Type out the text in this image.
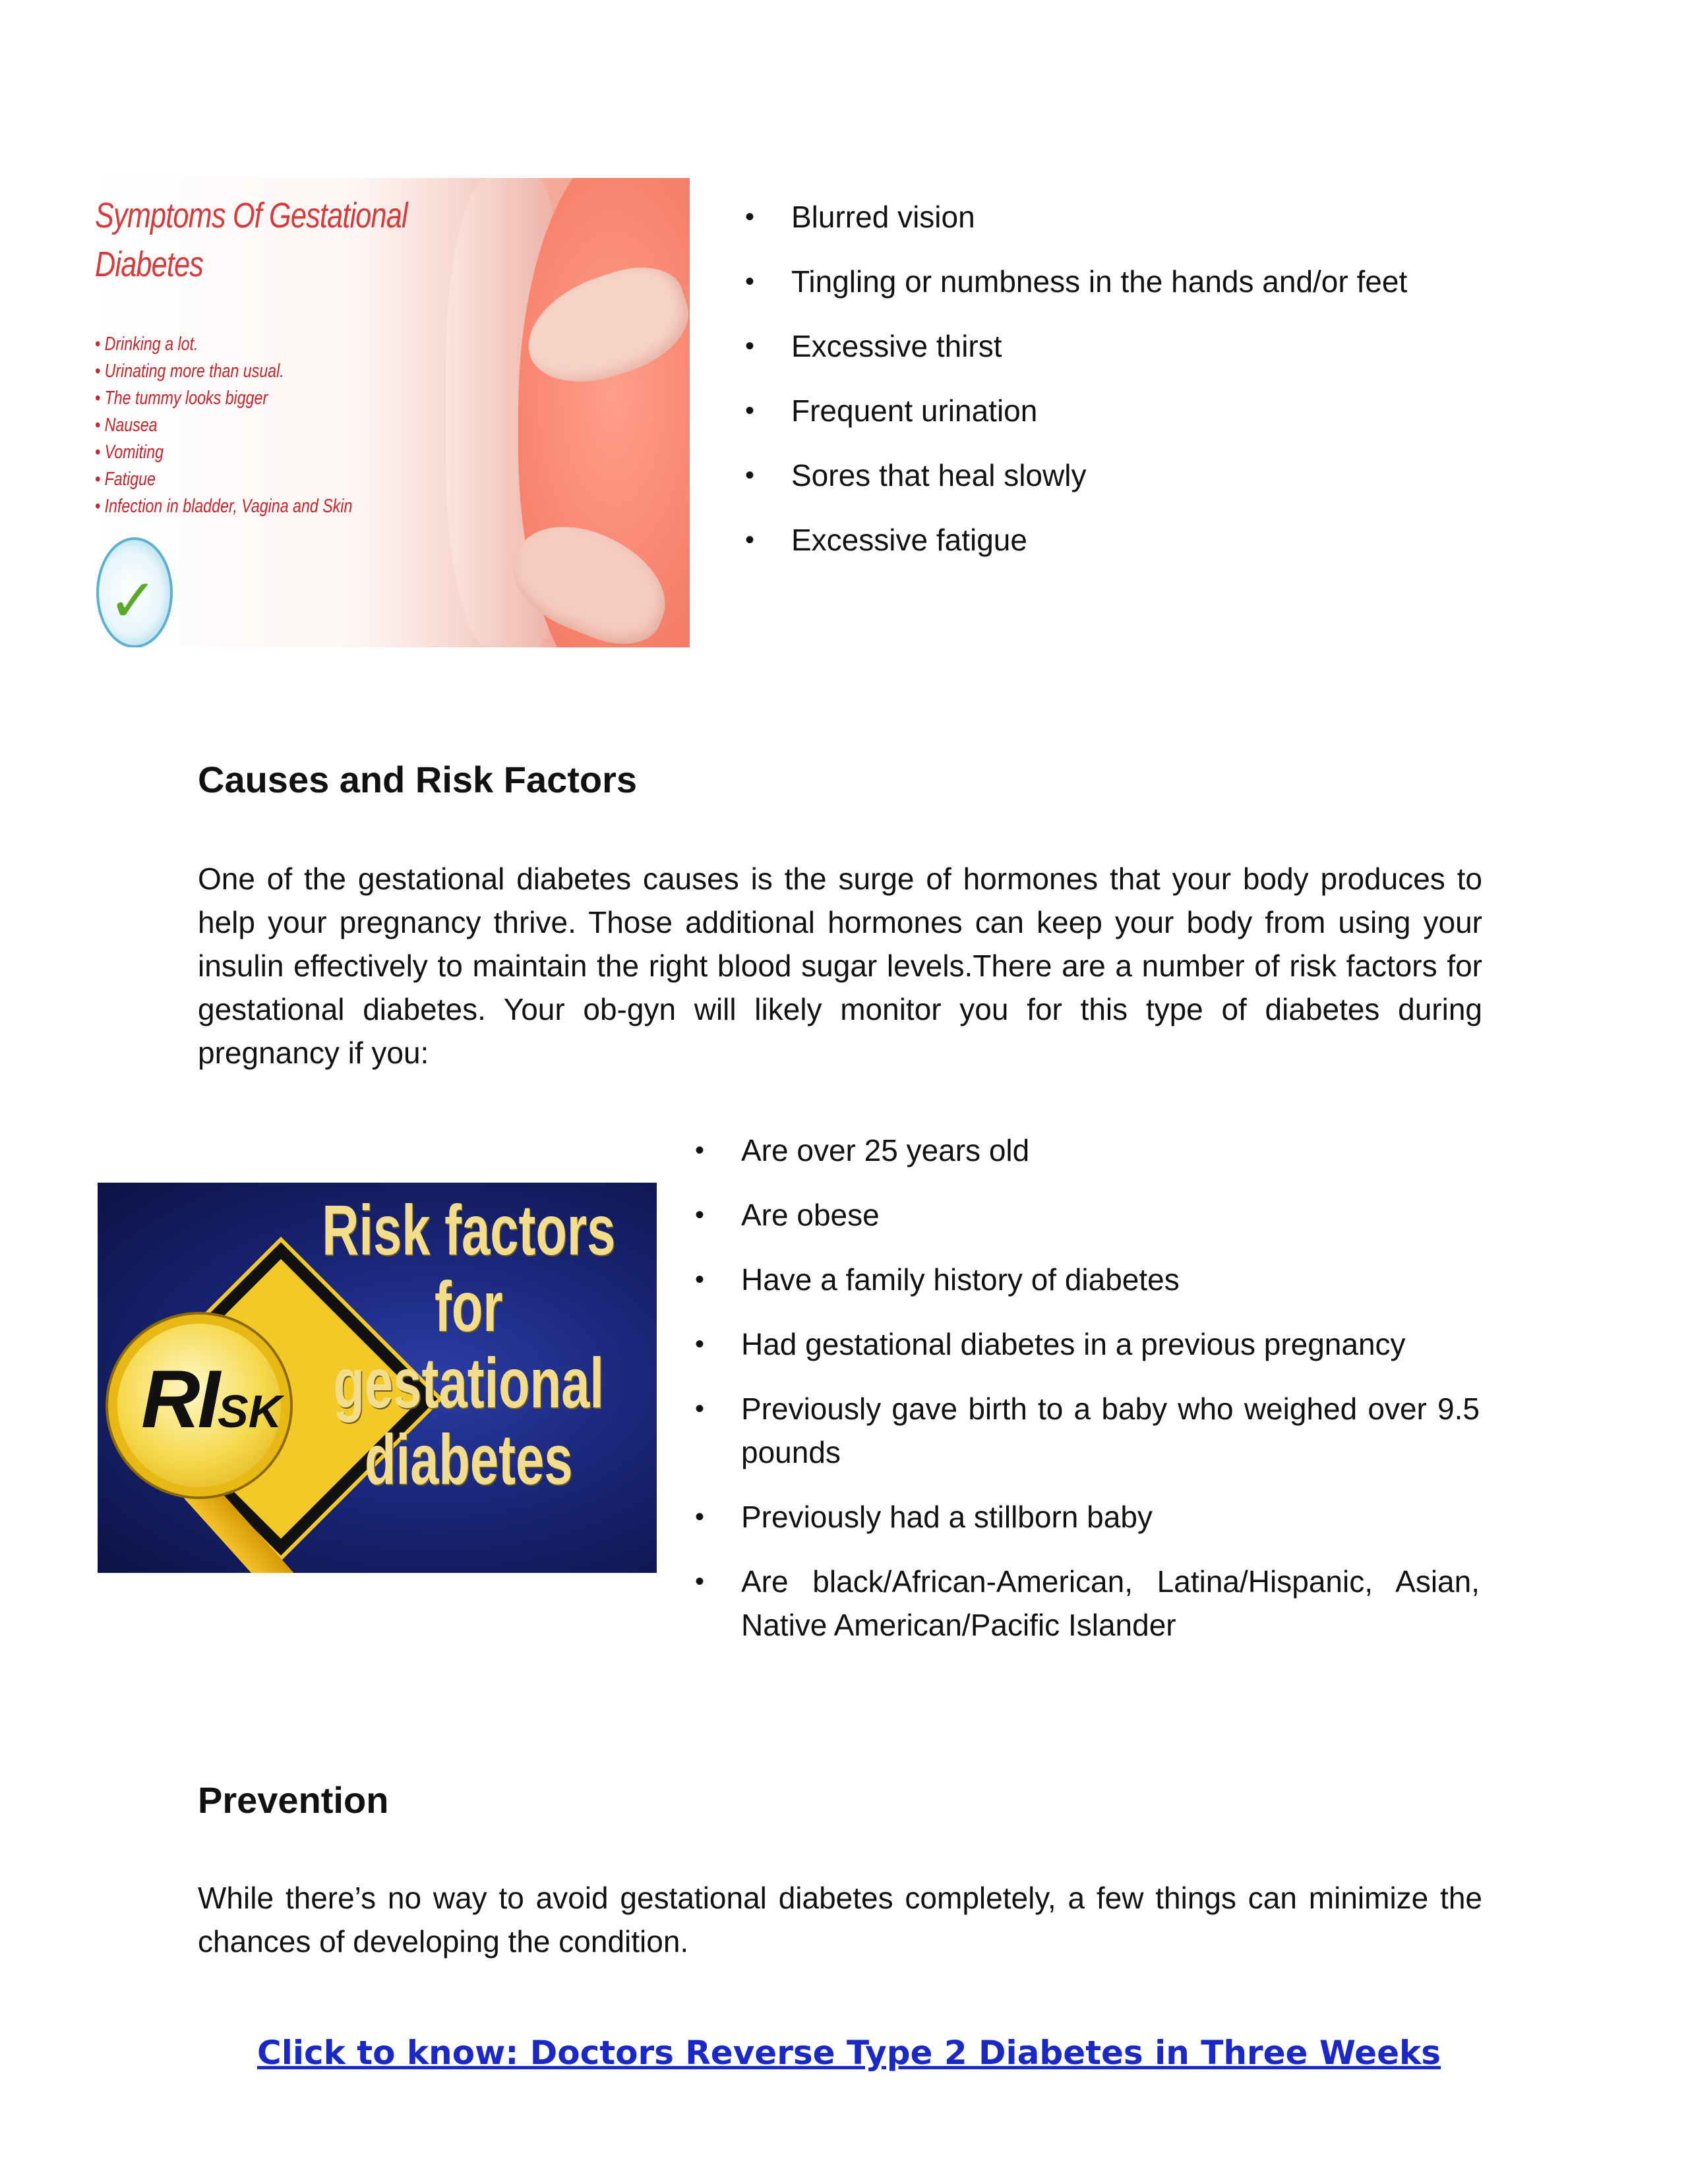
Symptoms Of Gestational
Diabetes
• Drinking a lot.
• Urinating more than usual.
• The tummy looks bigger
• Nausea
• Vomiting
• Fatigue
• Infection in bladder, Vagina and Skin
✓
• Blurred vision
• Tingling or numbness in the hands and/or feet
• Excessive thirst
• Frequent urination
• Sores that heal slowly
• Excessive fatigue
Causes and Risk Factors

One of the gestational diabetes causes is the surge of hormones that your body produces to help your pregnancy thrive. Those additional hormones can keep your body from using your insulin effectively to maintain the right blood sugar levels.There are a number of risk factors for gestational diabetes. Your ob-gyn will likely monitor you for this type of diabetes during pregnancy if you:

RISK
Risk factors
for gestational
diabetes
• Are over 25 years old
• Are obese
• Have a family history of diabetes
• Had gestational diabetes in a previous pregnancy
• Previously gave birth to a baby who weighed over 9.5 pounds
• Previously had a stillborn baby
• Are black/African-American, Latina/Hispanic, Asian, Native American/Pacific Islander
Prevention

While there’s no way to avoid gestational diabetes completely, a few things can minimize the chances of developing the condition.

Click to know: Doctors Reverse Type 2 Diabetes in Three Weeks
